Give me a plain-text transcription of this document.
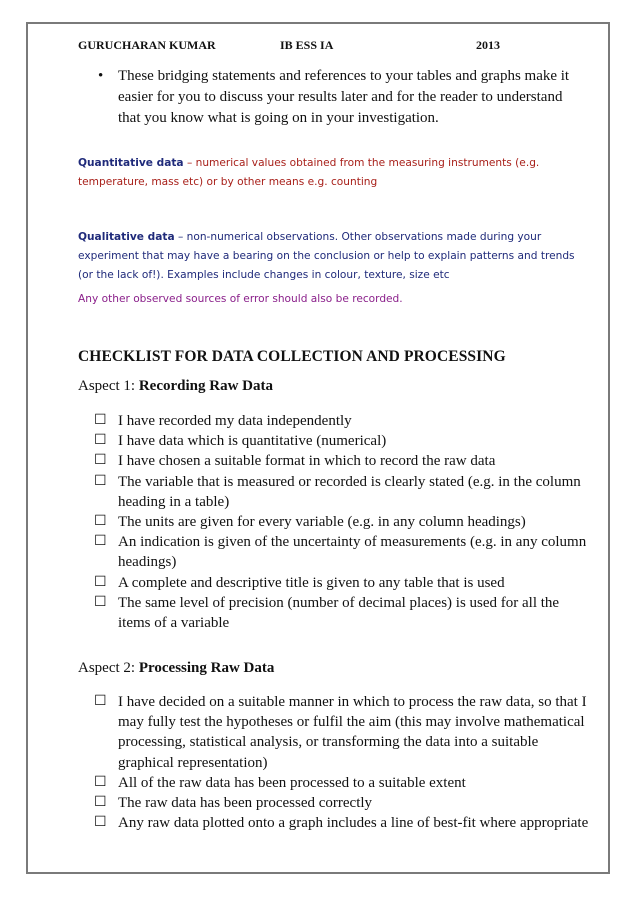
GURUCHARAN KUMAR	IB ESS IA	2013
• These bridging statements and references to your tables and graphs make it easier for you to discuss your results later and for the reader to understand that you know what is going on in your investigation.
Quantitative data – numerical values obtained from the measuring instruments (e.g. temperature, mass etc) or by other means e.g. counting
Qualitative data – non-numerical observations. Other observations made during your experiment that may have a bearing on the conclusion or help to explain patterns and trends (or the lack of!). Examples include changes in colour, texture, size etc
Any other observed sources of error should also be recorded.
CHECKLIST FOR DATA COLLECTION AND PROCESSING
Aspect 1: Recording Raw Data
☐ I have recorded my data independently
☐ I have data which is quantitative (numerical)
☐ I have chosen a suitable format in which to record the raw data
☐ The variable that is measured or recorded is clearly stated (e.g. in the column heading in a table)
☐ The units are given for every variable (e.g. in any column headings)
☐ An indication is given of the uncertainty of measurements (e.g. in any column headings)
☐ A complete and descriptive title is given to any table that is used
☐ The same level of precision (number of decimal places) is used for all the items of a variable
Aspect 2: Processing Raw Data
☐ I have decided on a suitable manner in which to process the raw data, so that I may fully test the hypotheses or fulfil the aim (this may involve mathematical processing, statistical analysis, or transforming the data into a suitable graphical representation)
☐ All of the raw data has been processed to a suitable extent
☐ The raw data has been processed correctly
☐ Any raw data plotted onto a graph includes a line of best-fit where appropriate
